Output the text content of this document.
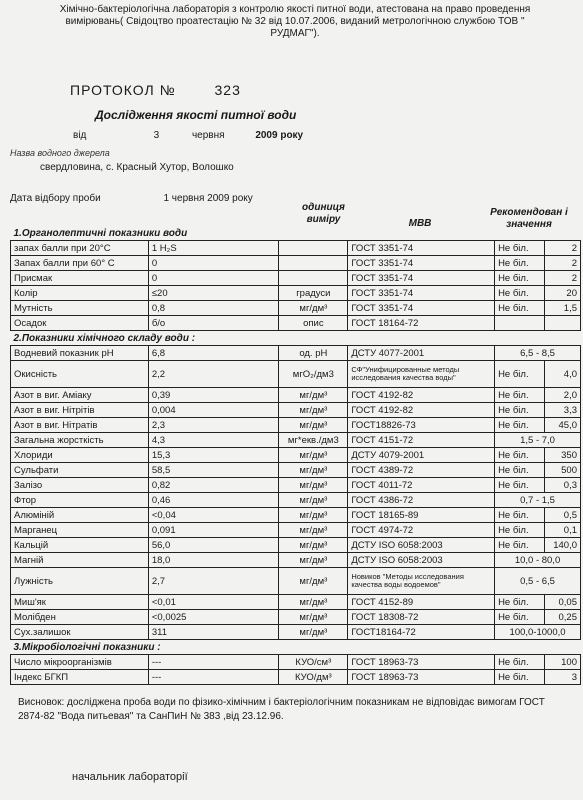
Хімічно-бактеріологічна лабораторія з контролю якості питної води, атестована на право проведення
вимірювань( Свідоцтво проатестацію № 32 від 10.07.2006, виданий метрологічною службою ТОВ "
РУДМАГ").
ПРОТОКОЛ №	323
Дослідження якості питної води
від	3	червня	2009 року
Назва водного джерела
свердловина, с. Красный Хутор, Волошко
Дата відбору проби	1 червня 2009 року
одиниця виміру	МВВ
Рекомендован і значення
1.Органолептичні показники води					
запах балли при 20°С	1 H₂S		ГОСТ 3351-74	Не біл.	2
Запах балли при 60° С	0		ГОСТ 3351-74	Не біл.	2
Присмак	0		ГОСТ 3351-74	Не біл.	2
Колір	≤20	градуси	ГОСТ 3351-74	Не біл.	20
Мутність	0,8	мг/дм³	ГОСТ 3351-74	Не біл.	1,5
Осадок	б/о	опис	ГОСТ 18164-72		
2.Показники хімічного складу води :					
Водневий показник рН	6,8	од. рН	ДСТУ 4077-2001	6,5 - 8,5	
Окисність	2,2	мгО₂/дм3	СФ"Унифицированные методы исследования качества воды"	Не біл.	4,0
Азот в виг. Аміаку	0,39	мг/дм³	ГОСТ 4192-82	Не біл.	2,0
Азот в виг. Нітрітів	0,004	мг/дм³	ГОСТ 4192-82	Не біл.	3,3
Азот в виг. Нітратів	2,3	мг/дм³	ГОСТ18826-73	Не біл.	45,0
Загальна жорсткість	4,3	мг*екв./дм3	ГОСТ 4151-72	1,5 - 7,0	
Хлориди	15,3	мг/дм³	ДСТУ 4079-2001	Не біл.	350
Сульфати	58,5	мг/дм³	ГОСТ 4389-72	Не біл.	500
Залізо	0,82	мг/дм³	ГОСТ 4011-72	Не біл.	0,3
Фтор	0,46	мг/дм³	ГОСТ 4386-72	0,7 - 1,5	
Алюміній	<0,04	мг/дм³	ГОСТ 18165-89	Не біл.	0,5
Марганец	0,091	мг/дм³	ГОСТ 4974-72	Не біл.	0,1
Кальцій	56,0	мг/дм³	ДСТУ ISO 6058:2003	Не біл.	140,0
Магній	18,0	мг/дм³	ДСТУ ISO 6058:2003	10,0 - 80,0	
Лужність	2,7	мг/дм³	Новиков "Методы исследования качества воды водоемов"	0,5 - 6,5	
Миш'як	<0,01	мг/дм³	ГОСТ 4152-89	Не біл.	0,05
Молібден	<0,0025	мг/дм³	ГОСТ 18308-72	Не біл.	0,25
Сух.залишок	311	мг/дм³	ГОСТ18164-72	100,0-1000,0	
3.Мікробіологічні показники :					
Число мікроорганізмів	---	КУО/см³	ГОСТ 18963-73	Не біл.	100
Індекс БГКП	---	КУО/дм³	ГОСТ 18963-73	Не біл.	3
Висновок: досліджена проба води по фізико-хімічним і бактеріологічним показникам не відповідає вимогам ГОСТ 2874-82 "Вода питьевая" та СанПиН № 383 ,від 23.12.96.
начальник лабораторії
